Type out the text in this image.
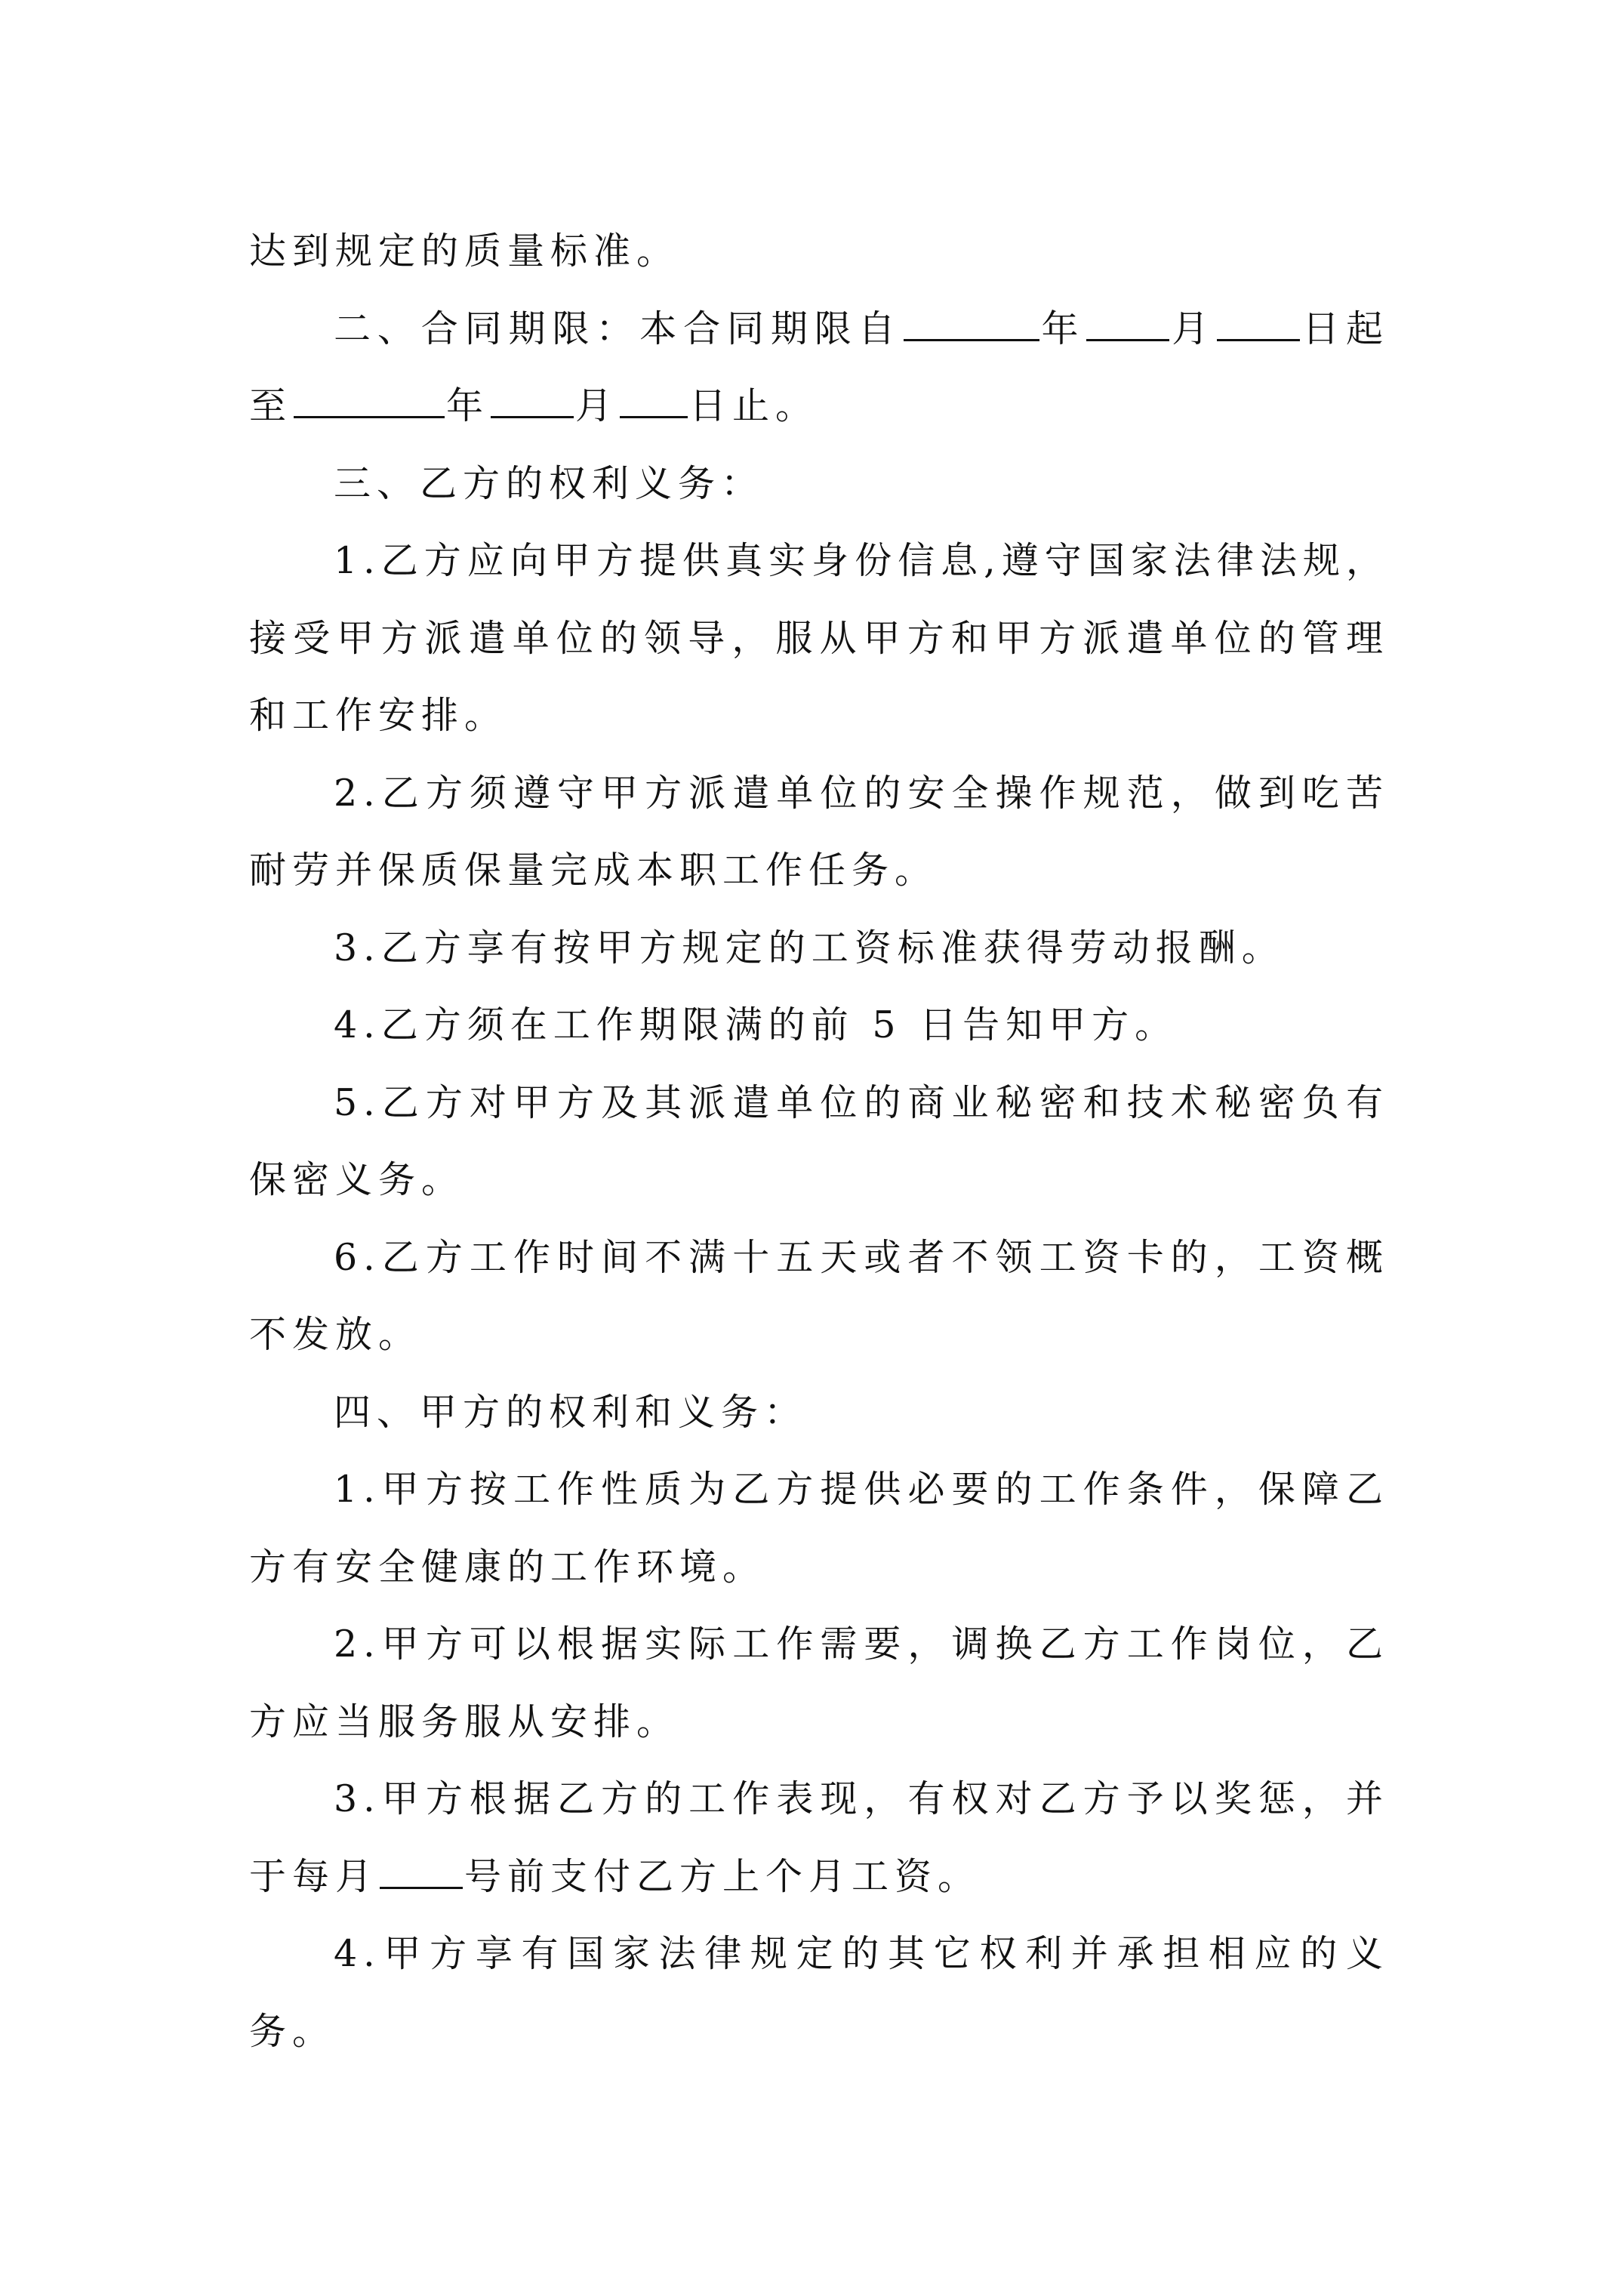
达到规定的质量标准。

二、合同期限：本合同期限自	年 月 日起至	年 月 日止。

三、乙方的权利义务：

1.乙方应向甲方提供真实身份信息,遵守国家法律法规，接受甲方派遣单位的领导，服从甲方和甲方派遣单位的管理和工作安排。

2.乙方须遵守甲方派遣单位的安全操作规范，做到吃苦耐劳并保质保量完成本职工作任务。

3.乙方享有按甲方规定的工资标准获得劳动报酬。

4.乙方须在工作期限满的前 5 日告知甲方。

5.乙方对甲方及其派遣单位的商业秘密和技术秘密负有保密义务。

6.乙方工作时间不满十五天或者不领工资卡的，工资概不发放。

四、甲方的权利和义务：

1.甲方按工作性质为乙方提供必要的工作条件，保障乙方有安全健康的工作环境。

2.甲方可以根据实际工作需要，调换乙方工作岗位，乙方应当服务服从安排。

3.甲方根据乙方的工作表现，有权对乙方予以奖惩，并于每月 号前支付乙方上个月工资。

4.甲方享有国家法律规定的其它权利并承担相应的义务。
